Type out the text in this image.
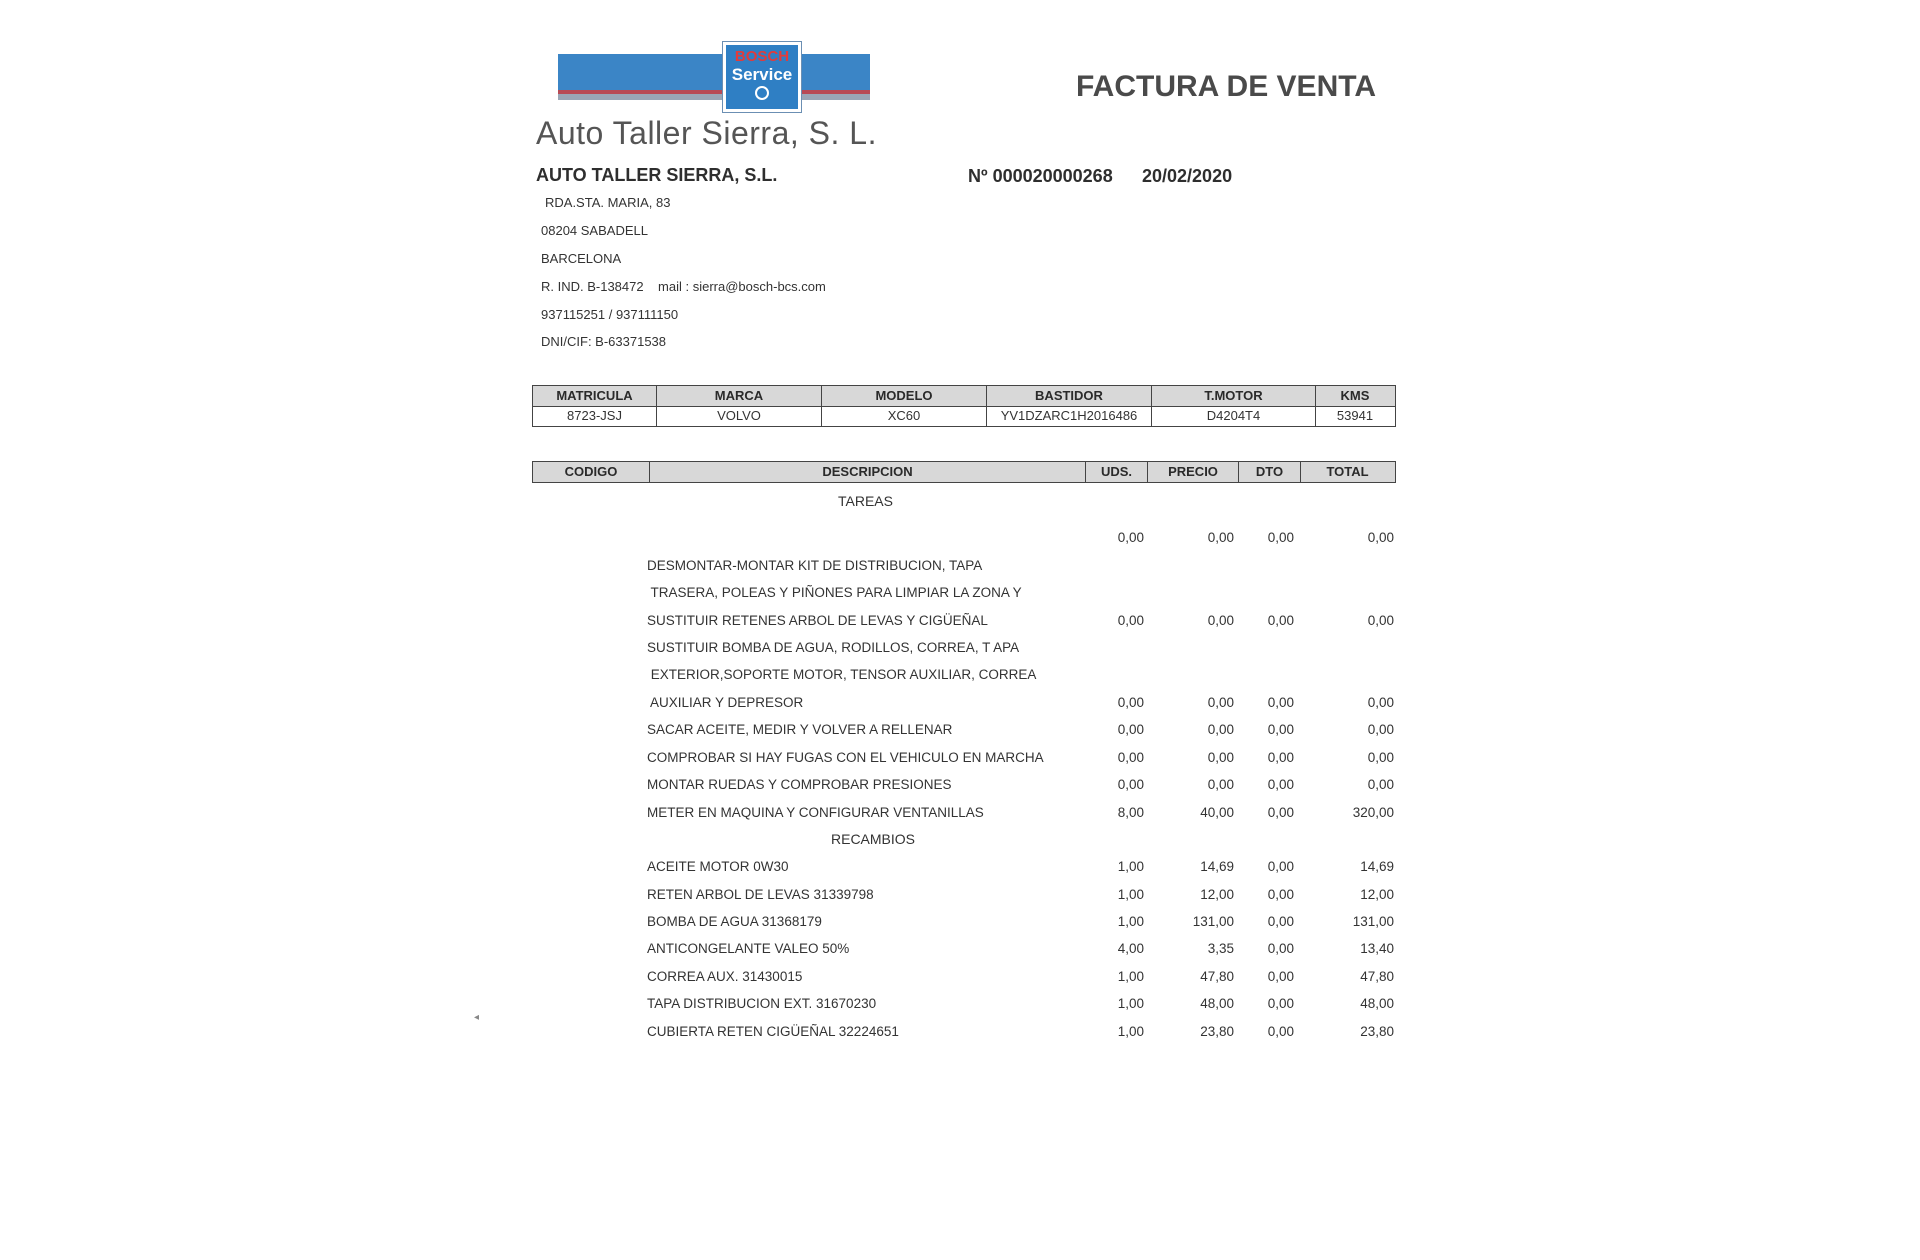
BOSCH
Service
Auto Taller Sierra, S. L.
FACTURA DE VENTA
AUTO TALLER SIERRA, S.L.	Nº 000020000268 20/02/2020
RDA.STA. MARIA, 83
08204 SABADELL
BARCELONA
R. IND. B-138472    mail : sierra@bosch-bcs.com
937115251 / 937111150
DNI/CIF: B-63371538
MATRICULA	MARCA	MODELO	BASTIDOR	T.MOTOR	KMS
8723-JSJ	VOLVO	XC60	YV1DZARC1H2016486	D4204T4	53941
CODIGO	DESCRIPCION	UDS.	PRECIO	DTO	TOTAL
TAREAS
RECAMBIOS
0,00	0,00	0,00	0,00
DESMONTAR-MONTAR KIT DE DISTRIBUCION, TAPA
TRASERA, POLEAS Y PIÑONES PARA LIMPIAR LA ZONA Y
SUSTITUIR RETENES ARBOL DE LEVAS Y CIGÜEÑAL	0,00	0,00	0,00	0,00
SUSTITUIR BOMBA DE AGUA, RODILLOS, CORREA, T APA
EXTERIOR,SOPORTE MOTOR, TENSOR AUXILIAR, CORREA
AUXILIAR Y DEPRESOR	0,00	0,00	0,00	0,00
SACAR ACEITE, MEDIR Y VOLVER A RELLENAR	0,00	0,00	0,00	0,00
COMPROBAR SI HAY FUGAS CON EL VEHICULO EN MARCHA	0,00	0,00	0,00	0,00
MONTAR RUEDAS Y COMPROBAR PRESIONES	0,00	0,00	0,00	0,00
METER EN MAQUINA Y CONFIGURAR VENTANILLAS	8,00	40,00	0,00	320,00
ACEITE MOTOR 0W30	1,00	14,69	0,00	14,69
RETEN ARBOL DE LEVAS 31339798	1,00	12,00	0,00	12,00
BOMBA DE AGUA 31368179	1,00	131,00	0,00	131,00
ANTICONGELANTE VALEO 50%	4,00	3,35	0,00	13,40
CORREA AUX. 31430015	1,00	47,80	0,00	47,80
TAPA DISTRIBUCION EXT. 31670230	1,00	48,00	0,00	48,00
CUBIERTA RETEN CIGÜEÑAL 32224651	1,00	23,80	0,00	23,80
◂
